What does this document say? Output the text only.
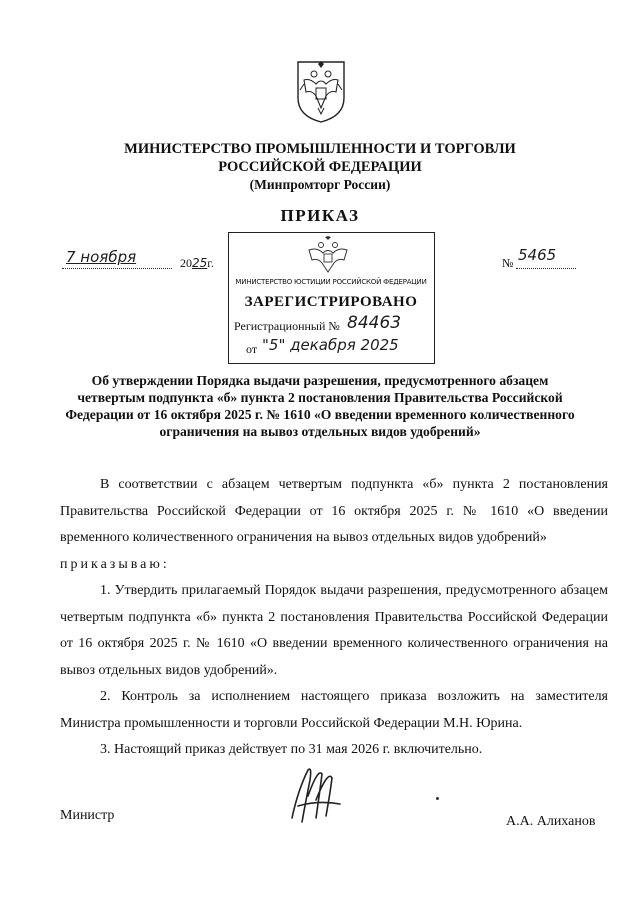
МИНИСТЕРСТВО ПРОМЫШЛЕННОСТИ И ТОРГОВЛИ
РОССИЙСКОЙ ФЕДЕРАЦИИ
(Минпромторг России)
ПРИКАЗ
7 ноября	2025г.	№ 5465
МИНИСТЕРСТВО ЮСТИЦИИ РОССИЙСКОЙ ФЕДЕРАЦИИ
ЗАРЕГИСТРИРОВАНО
Регистрационный № 84463
от "5" декабря 2025
Об утверждении Порядка выдачи разрешения, предусмотренного абзацем четвертым подпункта «б» пункта 2 постановления Правительства Российской Федерации от 16 октября 2025 г. № 1610 «О введении временного количественного ограничения на вывоз отдельных видов удобрений»
В соответствии с абзацем четвертым подпункта «б» пункта 2 постановления Правительства Российской Федерации от 16 октября 2025 г. № 1610 «О введении временного количественного ограничения на вывоз отдельных видов удобрений»
приказываю:
1. Утвердить прилагаемый Порядок выдачи разрешения, предусмотренного абзацем четвертым подпункта «б» пункта 2 постановления Правительства Российской Федерации от 16 октября 2025 г. № 1610 «О введении временного количественного ограничения на вывоз отдельных видов удобрений».
2. Контроль за исполнением настоящего приказа возложить на заместителя Министра промышленности и торговли Российской Федерации М.Н. Юрина.
3. Настоящий приказ действует по 31 мая 2026 г. включительно.
Министр	А.А. Алиханов
